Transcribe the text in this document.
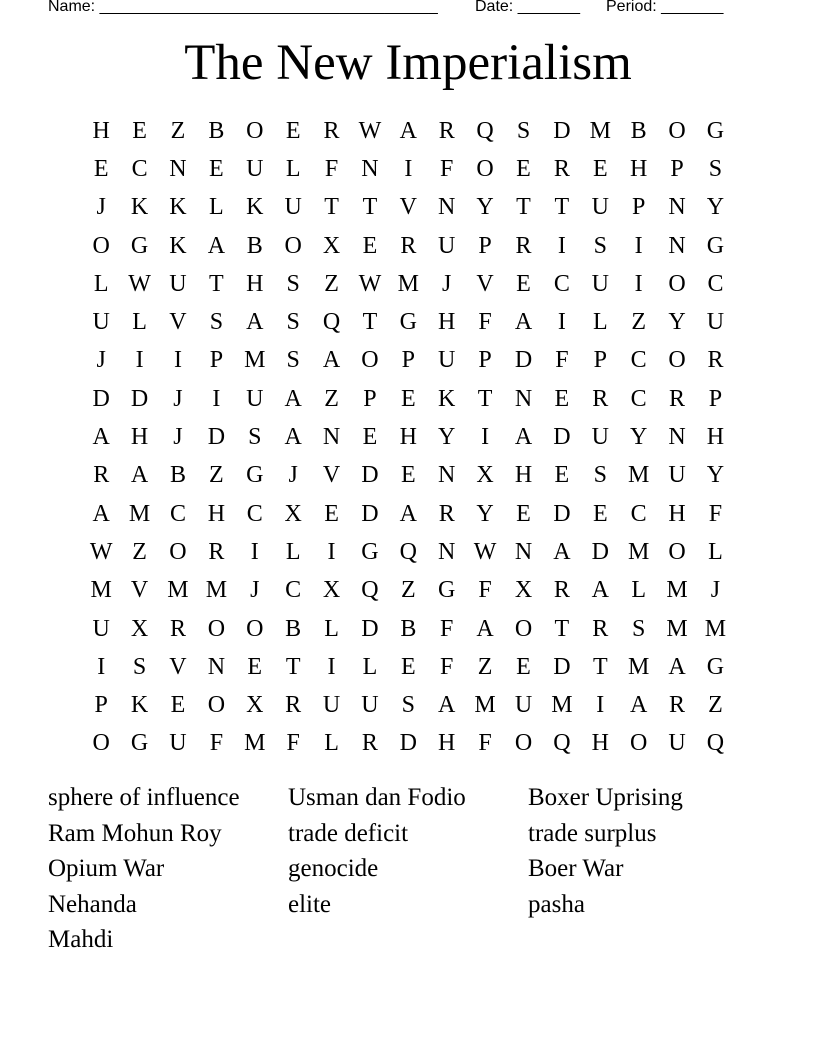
Name: ______________________________________ Date: _______ Period: _______
The New Imperialism
H E Z B O E R W A R Q S D M B O G
E C N E U L	F N	I	F O E R E H P	S
J	K K L K U T T V N Y T T U P N Y
O G K A B O X E R U P R	I	S	I	N G
L W U T H S	Z W M J	V E C U	I	O C
U L V S A S Q T G H F A	I	L Z Y U
J	I	I	P M S A O P U P D F	P C O R
D D	J	I	U A Z	P	E K T N E R C R P
A H	J	D S A N E H Y	I	A D U Y N H
R A B Z G	J	V D E N X H E	S M U Y
A M C H C X E D A R Y E D E C H F
W Z O R	I	L	I	G Q N W N A D M O L
M V M M J	C X Q Z G F X R A L M J
U X R O O B L D B F A O T R S M M
I	S V N E T	I	L E	F	Z E D T M A G
P K E O X R U U S A M U M I	A R Z
O G U F M F	L R D H F O Q H O U Q
sphere of influence	Usman dan Fodio	Boxer Uprising
Ram Mohun Roy	trade deficit	trade surplus
Opium War	genocide	Boer War
Nehanda	elite	pasha
Mahdi
